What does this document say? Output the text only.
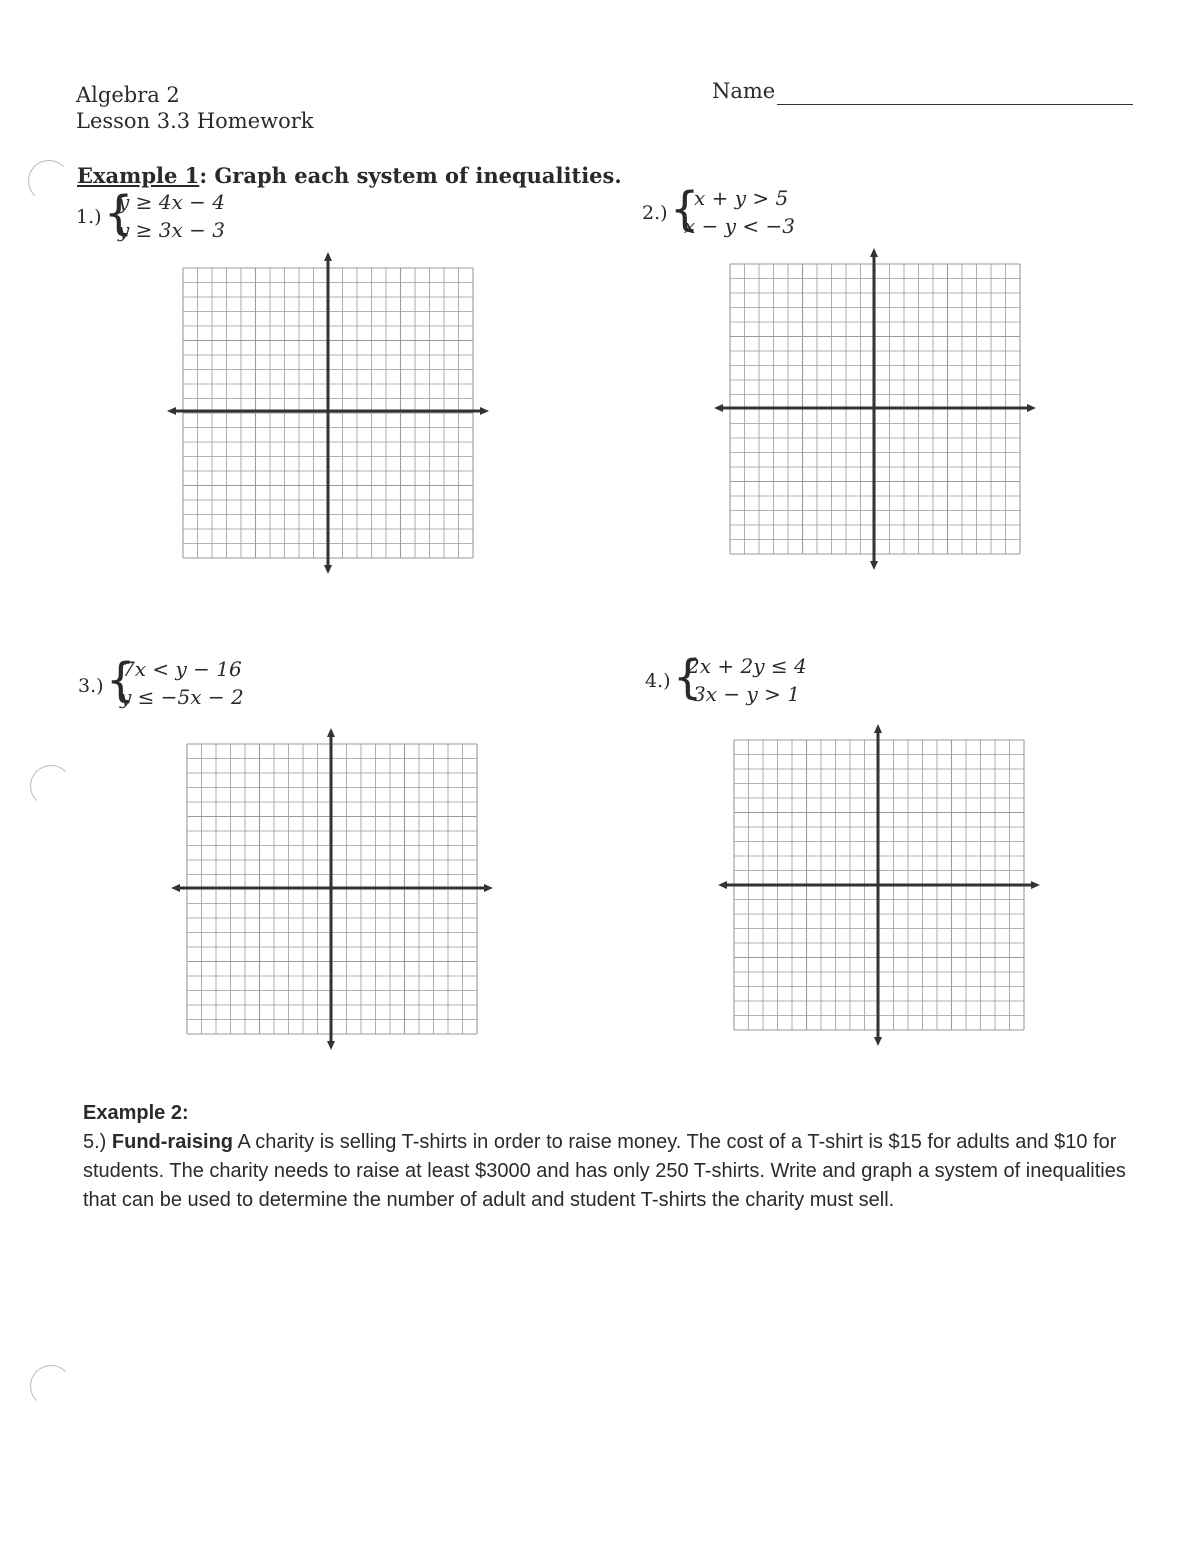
Algebra 2
Lesson 3.3 Homework
Name
Example 1: Graph each system of inequalities.
1.) {
y ≥ 4x − 4
y ≥ 3x − 3
2.) {
x + y > 5
x − y < −3
3.) {
7x < y − 16
y ≤ −5x − 2
4.) {
2x + 2y ≤ 4
3x − y > 1
Example 2:
5.) Fund-raising A charity is selling T-shirts in order to raise money. The cost of a T-shirt is $15 for adults and $10 for students. The charity needs to raise at least $3000 and has only 250 T-shirts. Write and graph a system of inequalities that can be used to determine the number of adult and student T-shirts the charity must sell.
